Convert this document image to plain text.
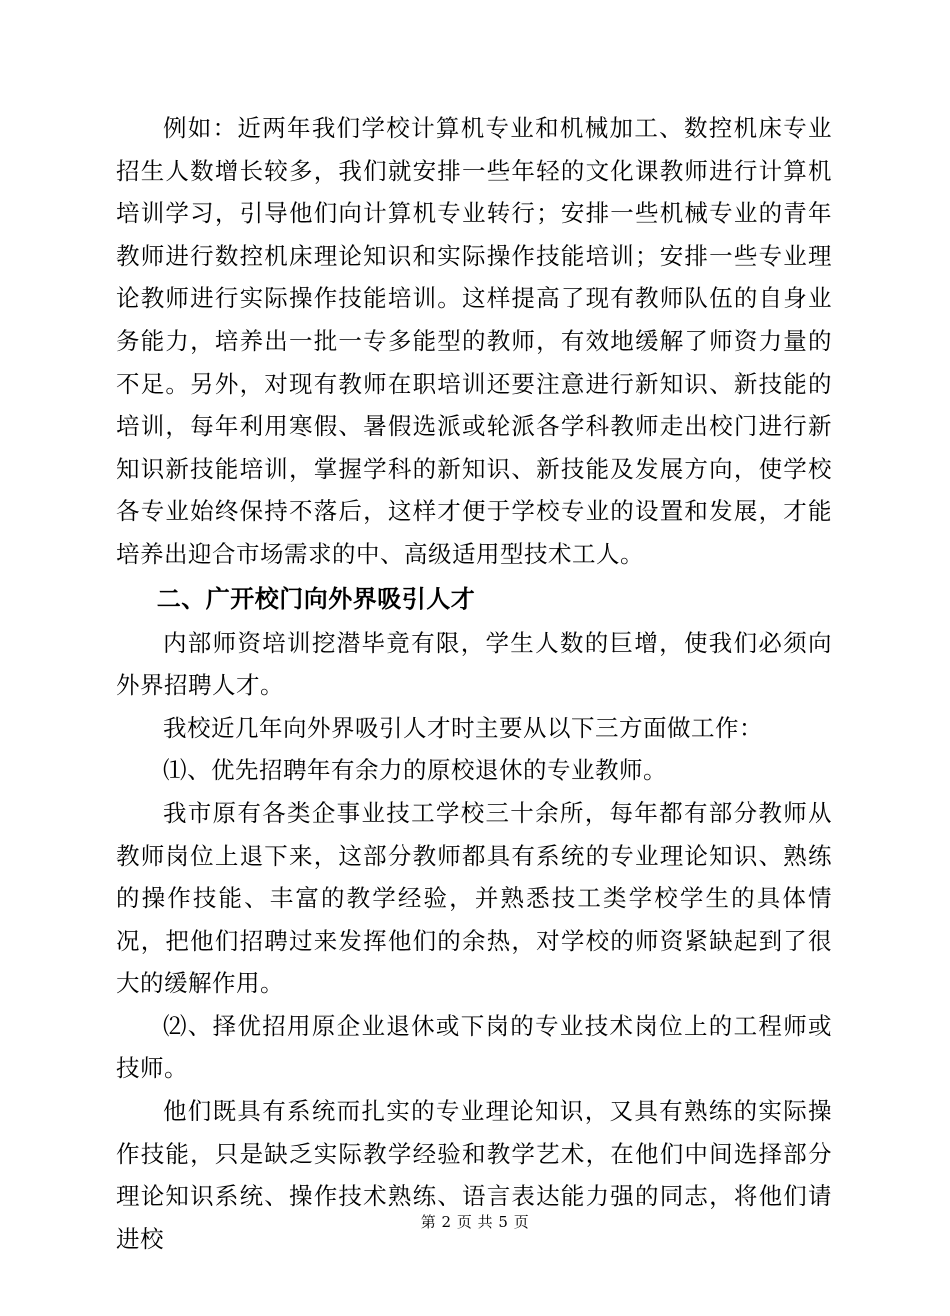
例如：近两年我们学校计算机专业和机械加工、数控机床专业招生人数增长较多，我们就安排一些年轻的文化课教师进行计算机培训学习，引导他们向计算机专业转行；安排一些机械专业的青年教师进行数控机床理论知识和实际操作技能培训；安排一些专业理论教师进行实际操作技能培训。这样提高了现有教师队伍的自身业务能力，培养出一批一专多能型的教师，有效地缓解了师资力量的不足。另外，对现有教师在职培训还要注意进行新知识、新技能的培训，每年利用寒假、暑假选派或轮派各学科教师走出校门进行新知识新技能培训，掌握学科的新知识、新技能及发展方向，使学校各专业始终保持不落后，这样才便于学校专业的设置和发展，才能培养出迎合市场需求的中、高级适用型技术工人。

二、广开校门向外界吸引人才

内部师资培训挖潜毕竟有限，学生人数的巨增，使我们必须向外界招聘人才。

我校近几年向外界吸引人才时主要从以下三方面做工作：

⑴、优先招聘年有余力的原校退休的专业教师。

我市原有各类企事业技工学校三十余所，每年都有部分教师从教师岗位上退下来，这部分教师都具有系统的专业理论知识、熟练的操作技能、丰富的教学经验，并熟悉技工类学校学生的具体情况，把他们招聘过来发挥他们的余热，对学校的师资紧缺起到了很大的缓解作用。

⑵、择优招用原企业退休或下岗的专业技术岗位上的工程师或技师。

他们既具有系统而扎实的专业理论知识，又具有熟练的实际操作技能，只是缺乏实际教学经验和教学艺术，在他们中间选择部分理论知识系统、操作技术熟练、语言表达能力强的同志，将他们请进校

第 2 页 共 5 页
